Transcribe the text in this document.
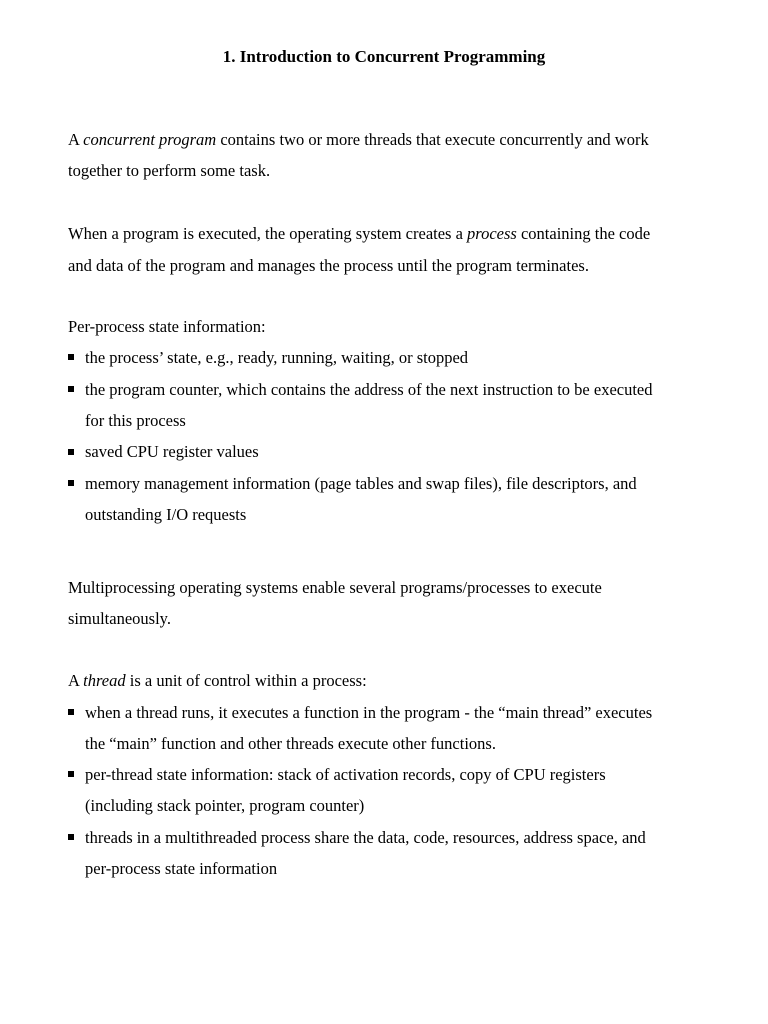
1. Introduction to Concurrent Programming

A concurrent program contains two or more threads that execute concurrently and work

together to perform some task.

When a program is executed, the operating system creates a process containing the code

and data of the program and manages the process until the program terminates.

Per-process state information:

the process’ state, e.g., ready, running, waiting, or stopped

the program counter, which contains the address of the next instruction to be executed

for this process

saved CPU register values

memory management information (page tables and swap files), file descriptors, and

outstanding I/O requests

Multiprocessing operating systems enable several programs/processes to execute

simultaneously.

A thread is a unit of control within a process:

when a thread runs, it executes a function in the program - the “main thread” executes

the “main” function and other threads execute other functions.

per-thread state information: stack of activation records, copy of CPU registers

(including stack pointer, program counter)

threads in a multithreaded process share the data, code, resources, address space, and

per-process state information
